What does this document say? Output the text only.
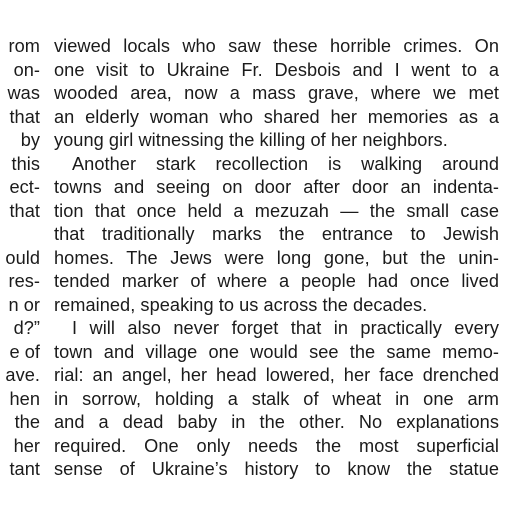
rom
on-
was
that
by
this
ect-
that
ould
res-
n or
d?”
e of
ave.
hen
the
her
tant
viewed locals who saw these horrible crimes. On
one visit to Ukraine Fr. Desbois and I went to a
wooded area, now a mass grave, where we met
an elderly woman who shared her memories as a
young girl witnessing the killing of her neighbors.
Another stark recollection is walking around
towns and seeing on door after door an indenta-
tion that once held a mezuzah — the small case
that traditionally marks the entrance to Jewish
homes. The Jews were long gone, but the unin-
tended marker of where a people had once lived
remained, speaking to us across the decades.
I will also never forget that in practically every
town and village one would see the same memo-
rial: an angel, her head lowered, her face drenched
in sorrow, holding a stalk of wheat in one arm
and a dead baby in the other. No explanations
required. One only needs the most superficial
sense of Ukraine’s history to know the statue
